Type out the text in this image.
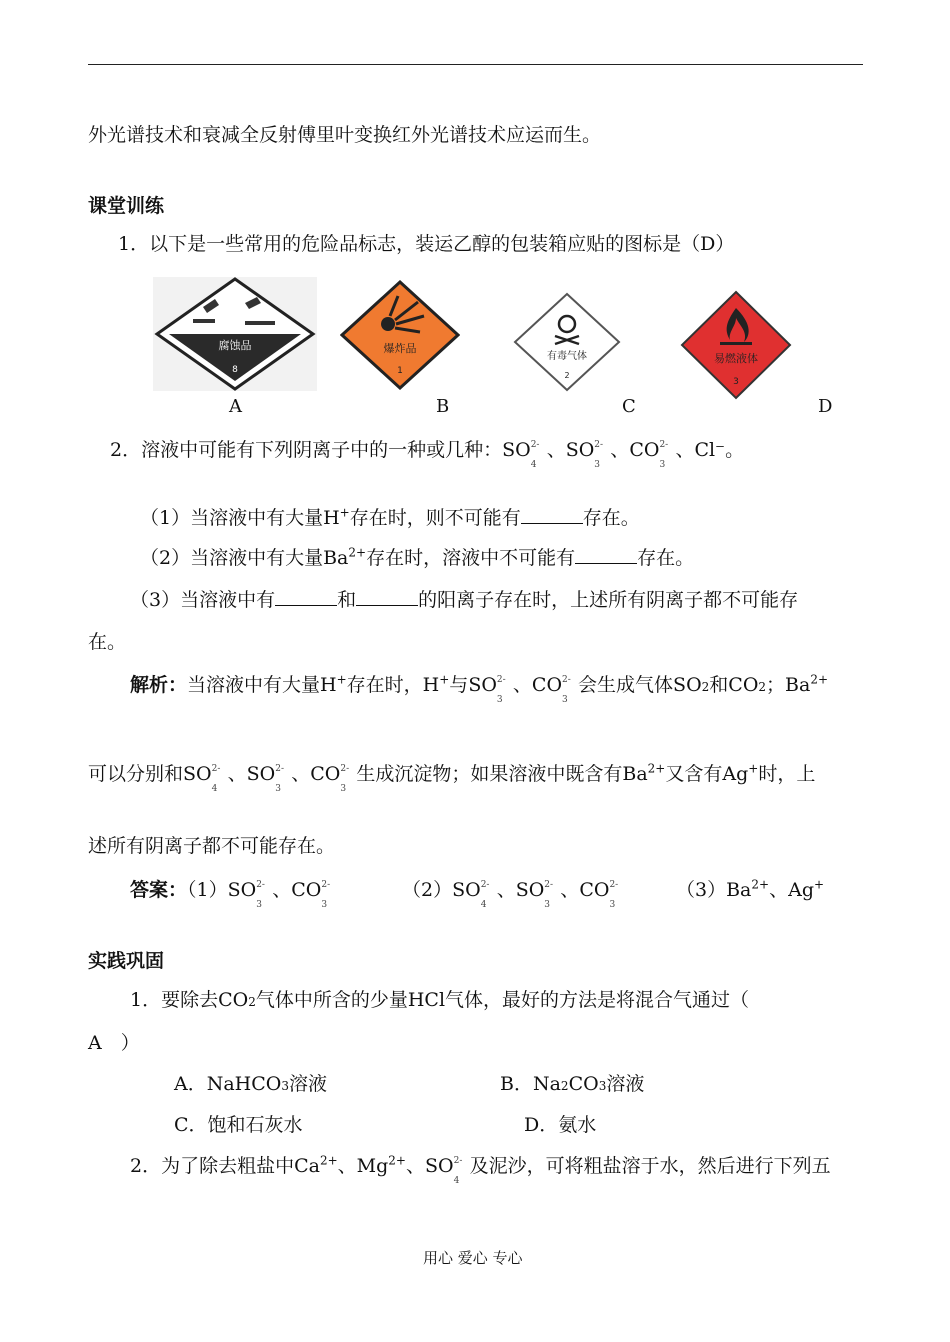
外光谱技术和衰减全反射傅里叶变换红外光谱技术应运而生。
课堂训练
1．以下是一些常用的危险品标志，装运乙醇的包装箱应贴的图标是（D）
腐蚀品
8
爆炸品
1
有毒气体
2
易燃液体
3
A	B	C	D
2．溶液中可能有下列阴离子中的一种或几种：SO 2-
4
、SO 2-
3
、CO 2-
3
、Cl⁻。
（1）当溶液中有大量H+存在时，则不可能有	存在。
（2）当溶液中有大量$Ba^{2+}$存在时，溶液中不可能有	存在。
（3）当溶液中有	和	的阳离子存在时，上述所有阴离子都不可能存
在。
解析：当溶液中有大量H+存在时，H+与SO 2-
3
、CO 2-
3
会生成气体SO2和CO2；$Ba^{2+}$
可以分别和SO 2-
4
、SO 2-
3
、CO 2-
3
生成沉淀物；如果溶液中既含有$Ba^{2+}$又含有Ag+时，上
述所有阴离子都不可能存在。
答案：（1）SO 2-
3
、CO 2-
3
（2）SO 2-
4
、SO 2-
3
、CO 2-
3
$(3)Ba^{2+}$、Ag+
实践巩固
1．要除去CO2气体中所含的少量HCl气体，最好的方法是将混合气通过（
A　）
A．NaHCO3溶液	B．Na2CO3溶液
C．饱和石灰水	D．氨水
2．为了除去粗盐中$Ca^{2+}$、$Mg^{2+}$、SO 2-
4
及泥沙，可将粗盐溶于水，然后进行下列五
用心 爱心 专心
